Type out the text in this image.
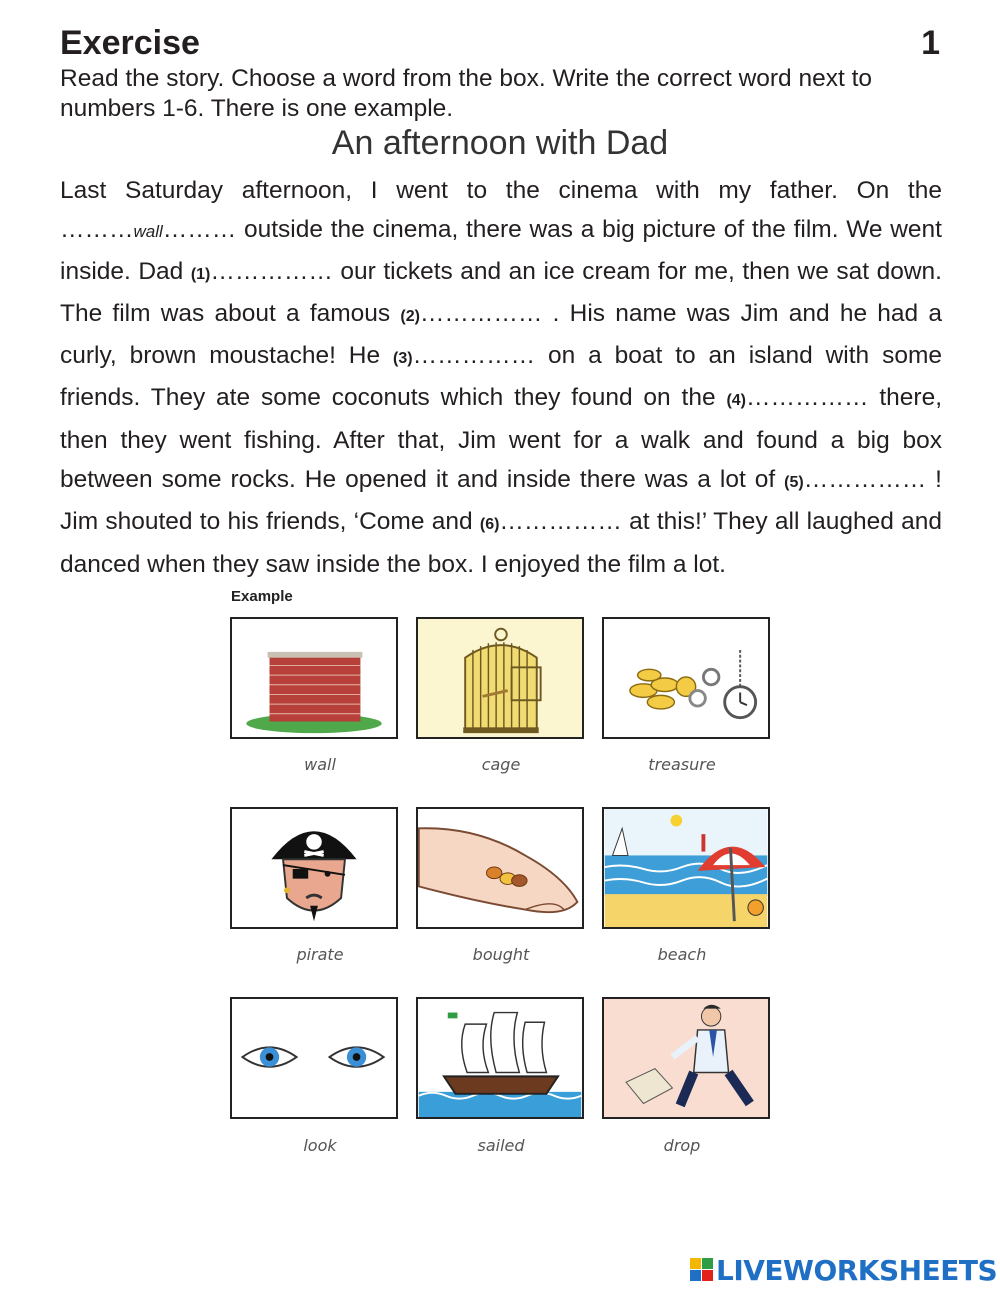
Exercise	1
Read the story. Choose a word from the box. Write the correct word next to numbers 1-6. There is one example.
An afternoon with Dad
Last Saturday afternoon, I went to the cinema with my father. On the ………wall……… outside the cinema, there was a big picture of the film. We went inside. Dad (1)…………… our tickets and an ice cream for me, then we sat down. The film was about a famous (2)…………… . His name was Jim and he had a curly, brown moustache! He (3)…………… on a boat to an island with some friends. They ate some coconuts which they found on the (4)…………… there, then they went fishing. After that, Jim went for a walk and found a big box between some rocks. He opened it and inside there was a lot of (5)…………… ! Jim shouted to his friends, ‘Come and (6)…………… at this!’ They all laughed and danced when they saw inside the box. I enjoyed the film a lot.
Example
wall	cage	treasure
pirate	bought	beach
look	sailed	drop
LIVEWORKSHEETS
